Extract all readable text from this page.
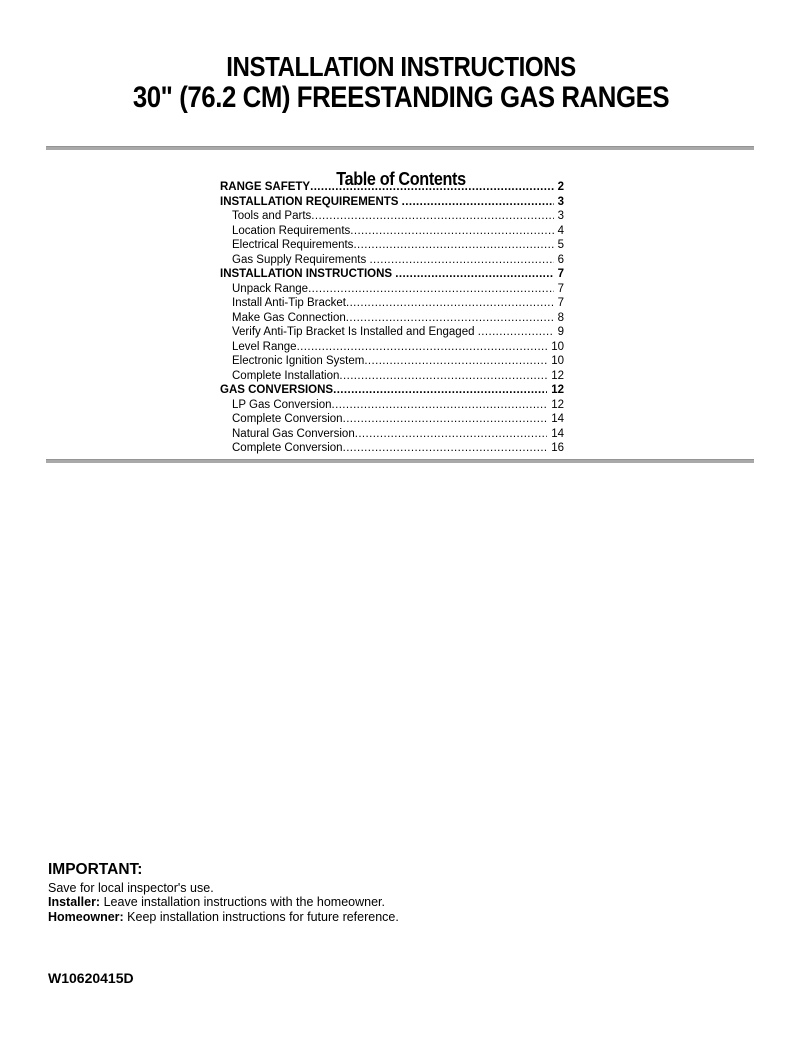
INSTALLATION INSTRUCTIONS
30" (76.2 CM) FREESTANDING GAS RANGES
Table of Contents
RANGE SAFETY .....	2
INSTALLATION REQUIREMENTS .....	3
Tools and Parts .....	3
Location Requirements .....	4
Electrical Requirements .....	5
Gas Supply Requirements .....	6
INSTALLATION INSTRUCTIONS .....	7
Unpack Range .....	7
Install Anti-Tip Bracket .....	7
Make Gas Connection .....	8
Verify Anti-Tip Bracket Is Installed and Engaged .....	9
Level Range .....	10
Electronic Ignition System .....	10
Complete Installation .....	12
GAS CONVERSIONS .....	12
LP Gas Conversion .....	12
Complete Conversion .....	14
Natural Gas Conversion .....	14
Complete Conversion .....	16
IMPORTANT:
Save for local inspector's use.
Installer: Leave installation instructions with the homeowner.
Homeowner: Keep installation instructions for future reference.
W10620415D
